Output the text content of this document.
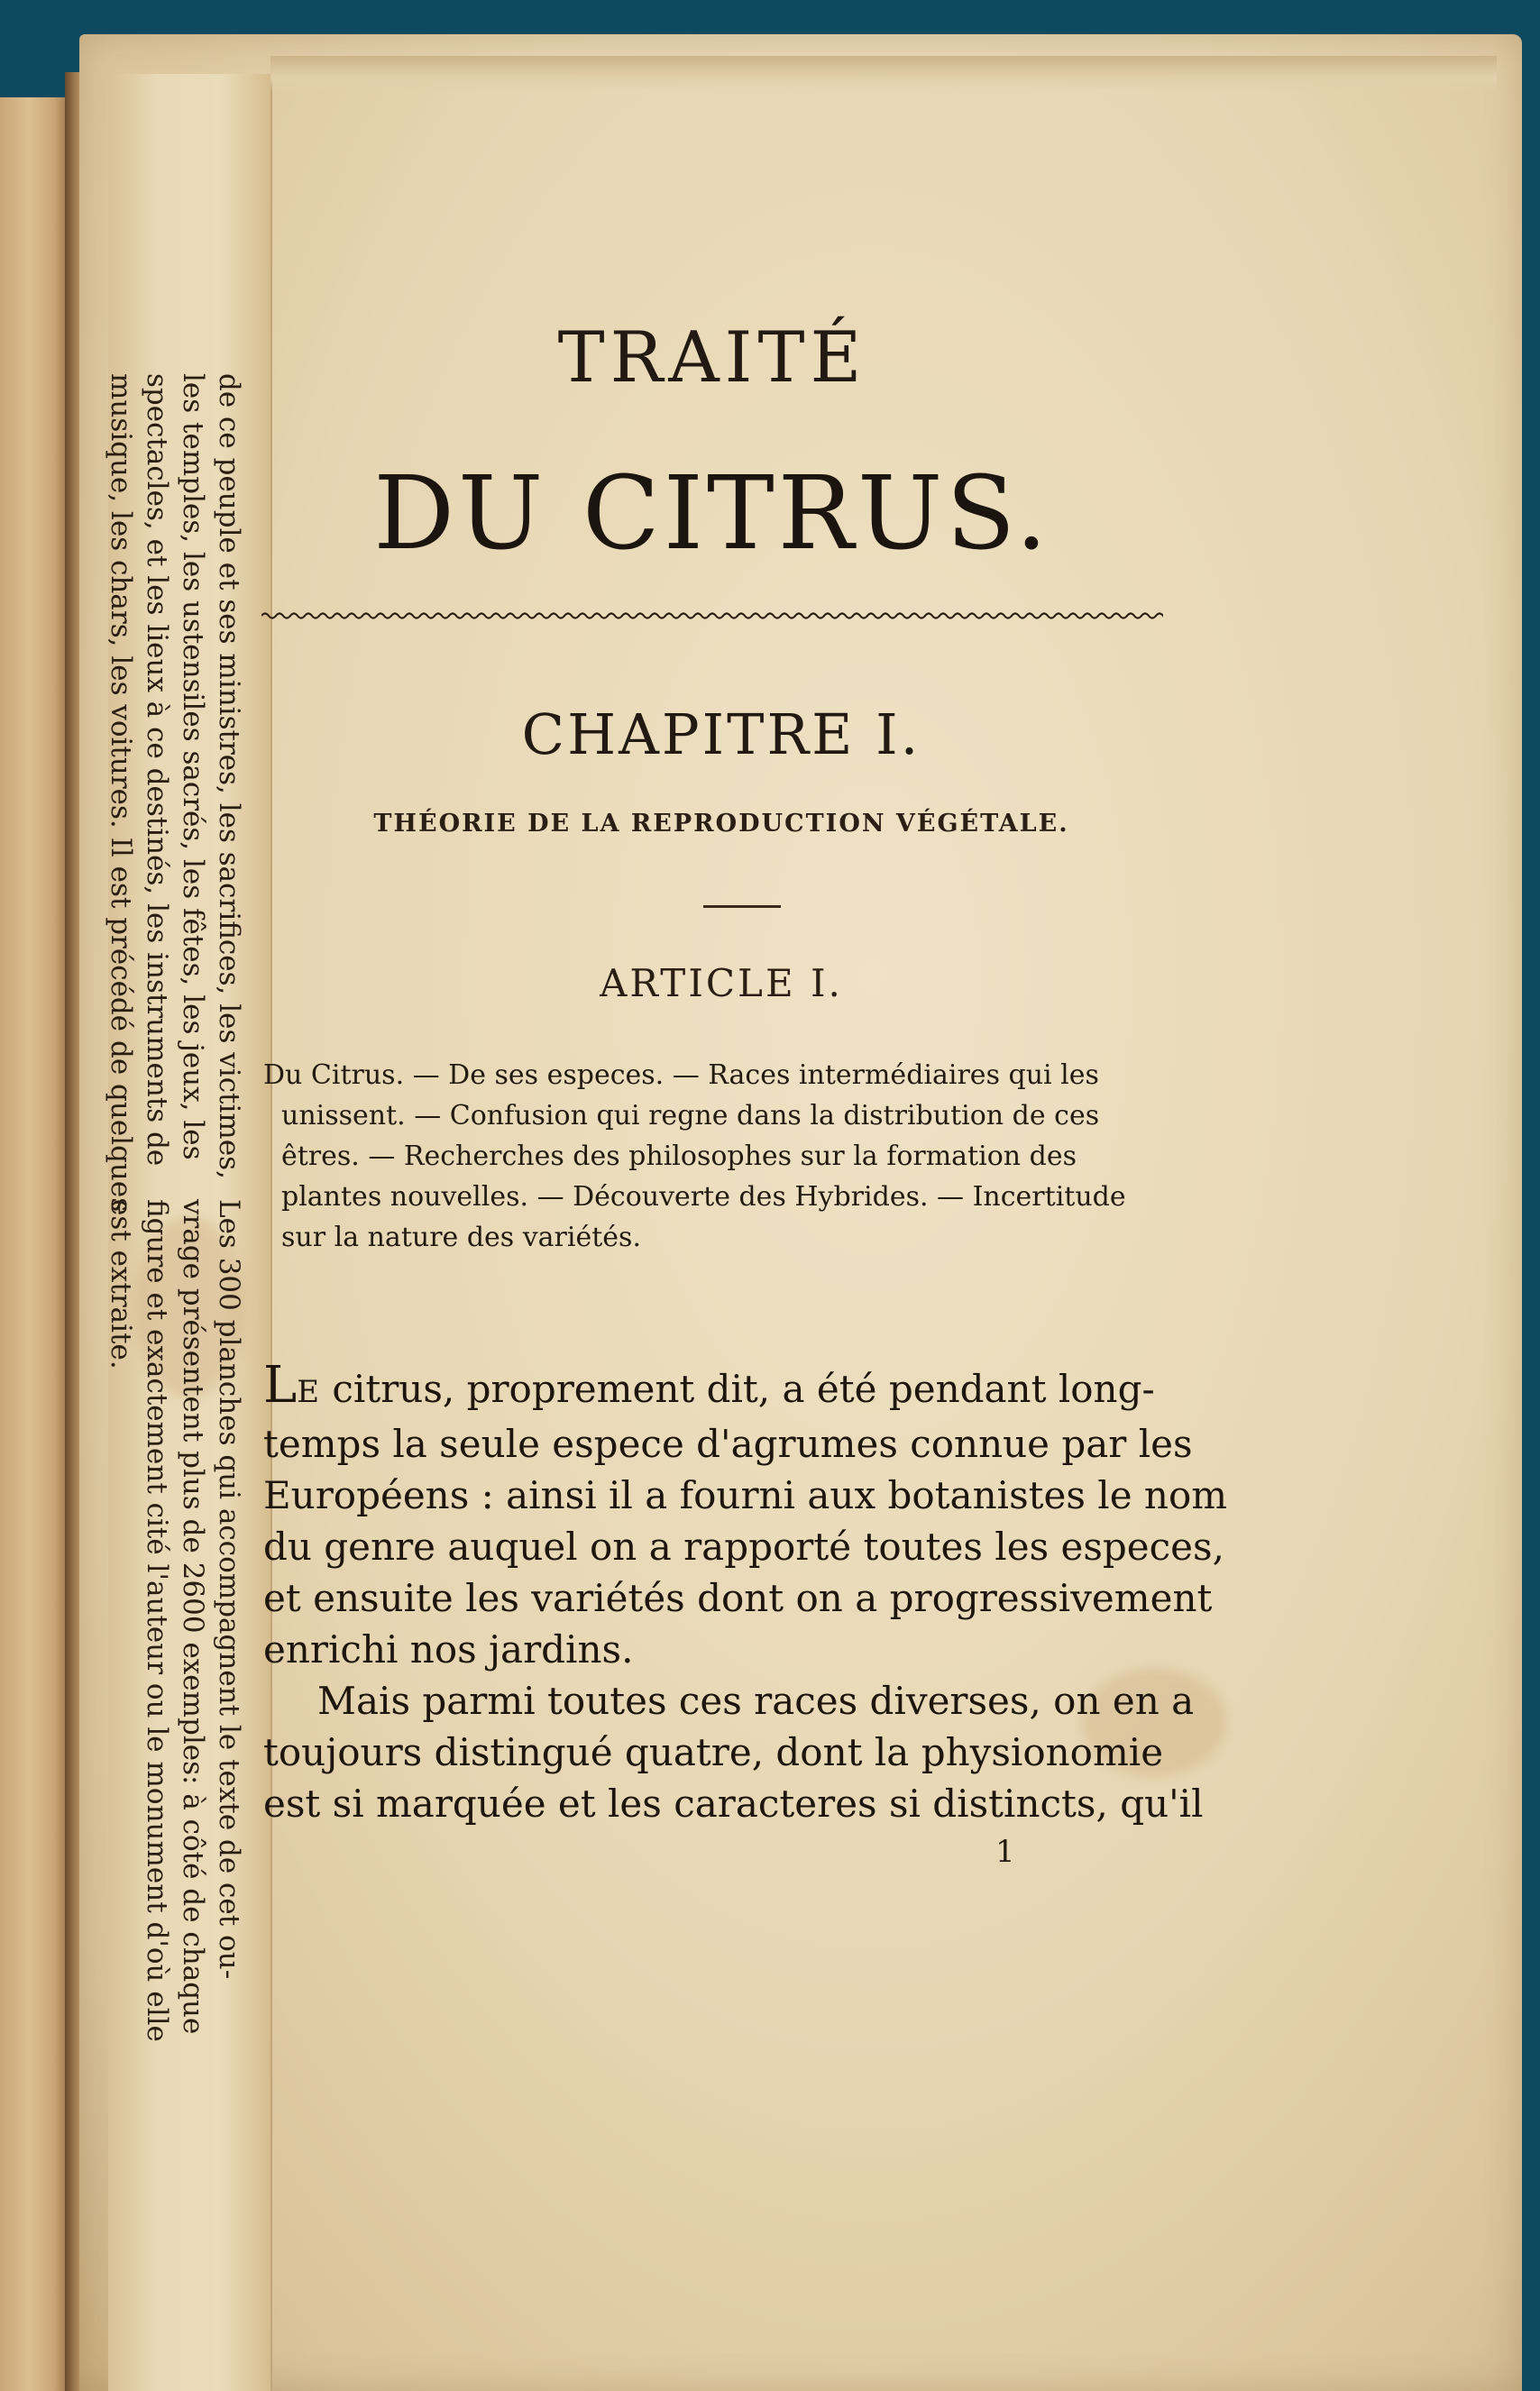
de ce peuple et ses ministres, les sacrifices, les victimes,
les temples, les ustensiles sacrés, les fêtes, les jeux, les
spectacles, et les lieux à ce destinés, les instruments de
musique, les chars, les voitures. Il est précédé de quelques
Les 300 planches qui accompagnent le texte de cet ou-
vrage présentent plus de 2600 exemples: à côté de chaque
figure et exactement cité l'auteur ou le monument d'où elle
est extraite.
TRAITÉ
DU CITRUS.
CHAPITRE I.
THÉORIE DE LA REPRODUCTION VÉGÉTALE.
ARTICLE I.
Du Citrus. — De ses especes. — Races intermédiaires qui les
unissent. — Confusion qui regne dans la distribution de ces
êtres. — Recherches des philosophes sur la formation des
plantes nouvelles. — Découverte des Hybrides. — Incertitude
sur la nature des variétés.
LE citrus, proprement dit, a été pendant long-
temps la seule espece d'agrumes connue par les
Européens : ainsi il a fourni aux botanistes le nom
du genre auquel on a rapporté toutes les especes,
et ensuite les variétés dont on a progressivement
enrichi nos jardins.
Mais parmi toutes ces races diverses, on en a
toujours distingué quatre, dont la physionomie
est si marquée et les caracteres si distincts, qu'il
1
